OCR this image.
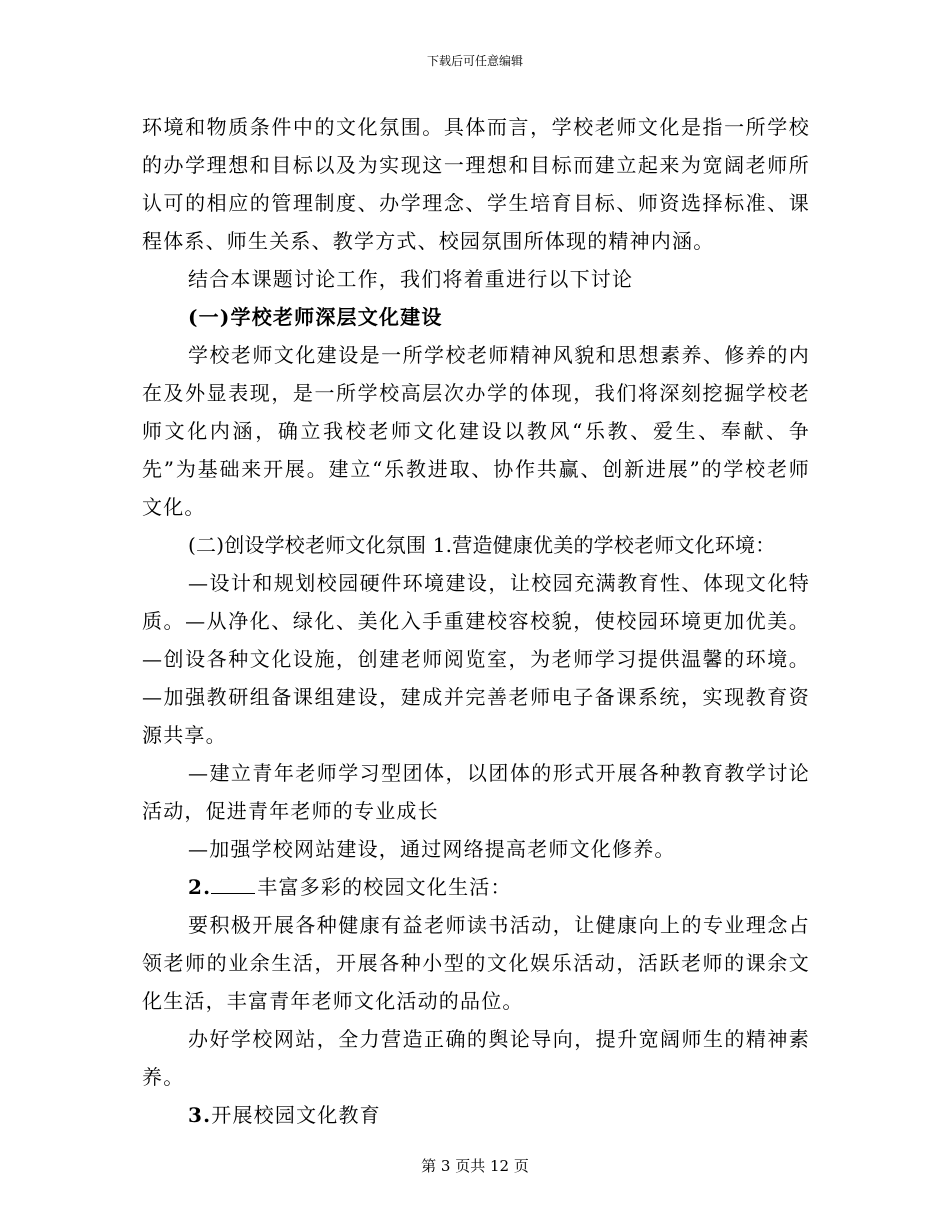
下载后可任意编辑

环境和物质条件中的文化氛围。具体而言，学校老师文化是指一所学校的办学理想和目标以及为实现这一理想和目标而建立起来为宽阔老师所认可的相应的管理制度、办学理念、学生培育目标、师资选择标准、课程体系、师生关系、教学方式、校园氛围所体现的精神内涵。

结合本课题讨论工作，我们将着重进行以下讨论

(一)学校老师深层文化建设

学校老师文化建设是一所学校老师精神风貌和思想素养、修养的内在及外显表现，是一所学校高层次办学的体现，我们将深刻挖掘学校老师文化内涵，确立我校老师文化建设以教风“乐教、爱生、奉献、争先”为基础来开展。建立“乐教进取、协作共赢、创新进展”的学校老师文化。

(二)创设学校老师文化氛围 1.营造健康优美的学校老师文化环境：

—设计和规划校园硬件环境建设，让校园充满教育性、体现文化特质。—从净化、绿化、美化入手重建校容校貌，使校园环境更加优美。—创设各种文化设施，创建老师阅览室，为老师学习提供温馨的环境。—加强教研组备课组建设，建成并完善老师电子备课系统，实现教育资源共享。

—建立青年老师学习型团体，以团体的形式开展各种教育教学讨论活动，促进青年老师的专业成长

—加强学校网站建设，通过网络提高老师文化修养。

2. 丰富多彩的校园文化生活：

要积极开展各种健康有益老师读书活动，让健康向上的专业理念占领老师的业余生活，开展各种小型的文化娱乐活动，活跃老师的课余文化生活，丰富青年老师文化活动的品位。

办好学校网站，全力营造正确的舆论导向，提升宽阔师生的精神素养。

3.开展校园文化教育

第 3 页共 12 页
